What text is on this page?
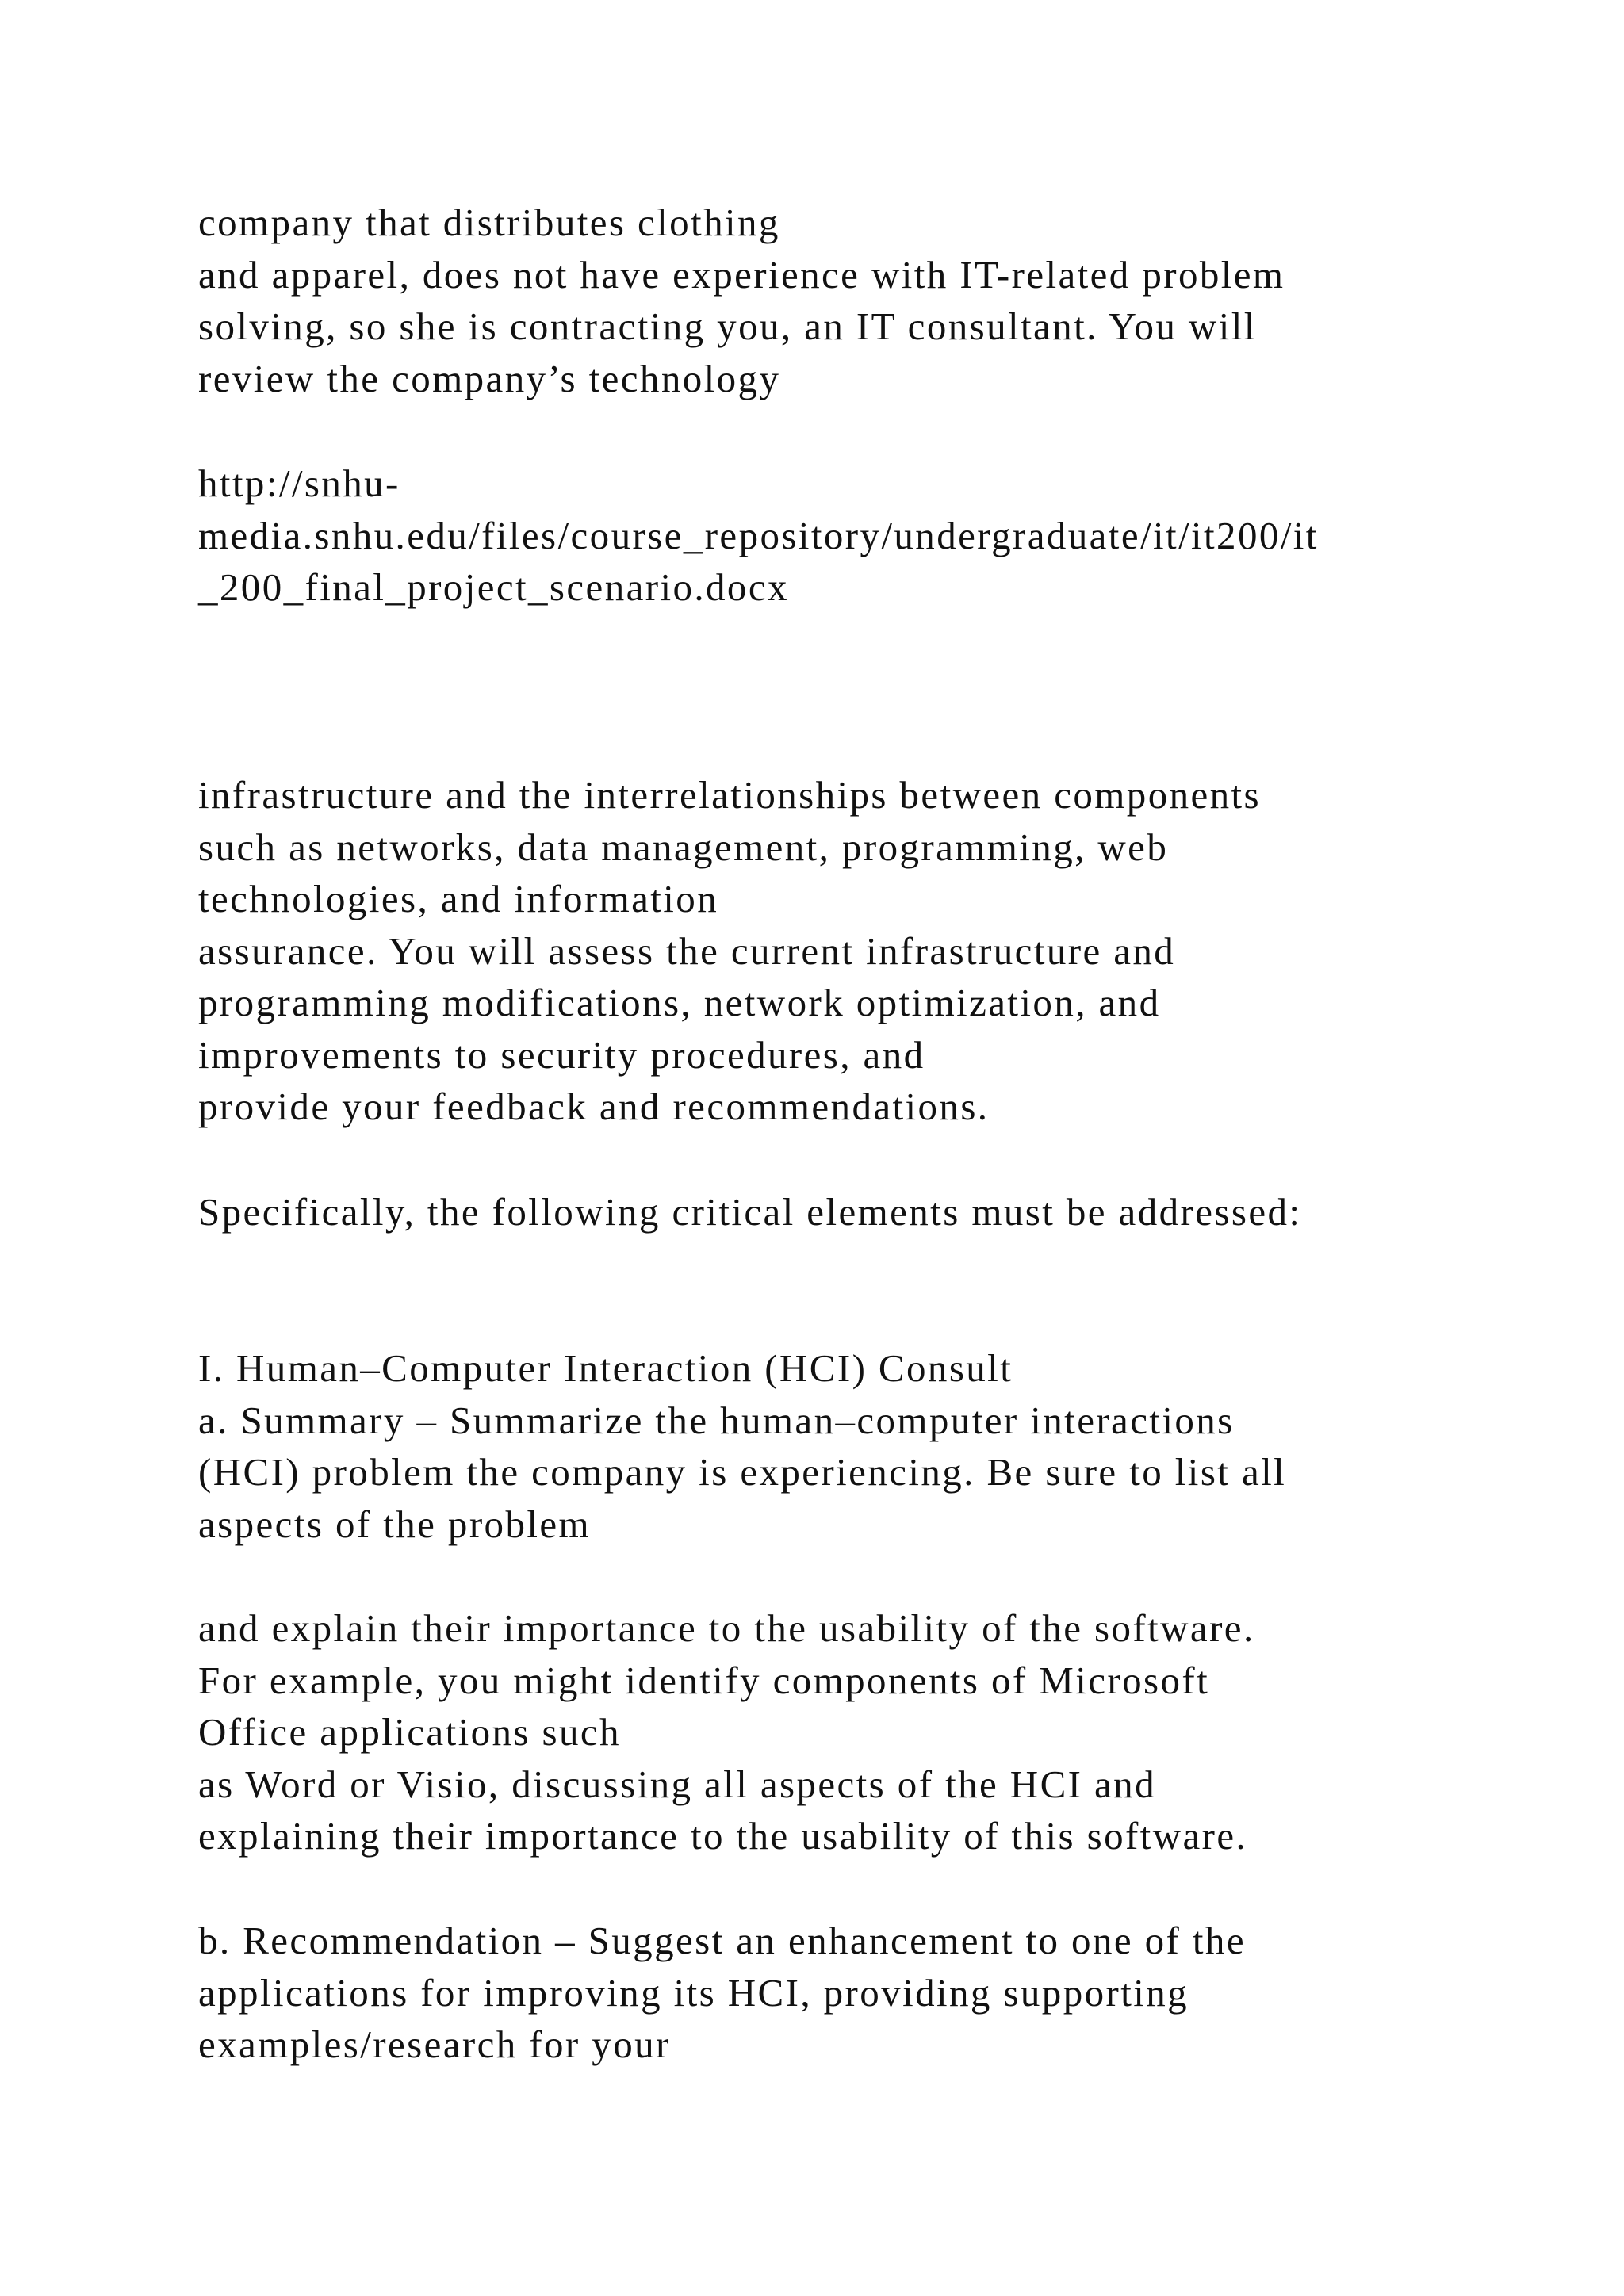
company that distributes clothing
and apparel, does not have experience with IT-related problem
solving, so she is contracting you, an IT consultant. You will
review the company’s technology
http://snhu-
media.snhu.edu/files/course_repository/undergraduate/it/it200/it
_200_final_project_scenario.docx
infrastructure and the interrelationships between components
such as networks, data management, programming, web
technologies, and information
assurance. You will assess the current infrastructure and
programming modifications, network optimization, and
improvements to security procedures, and
provide your feedback and recommendations.
Specifically, the following critical elements must be addressed:
I. Human–Computer Interaction (HCI) Consult
a. Summary – Summarize the human–computer interactions
(HCI) problem the company is experiencing. Be sure to list all
aspects of the problem
and explain their importance to the usability of the software.
For example, you might identify components of Microsoft
Office applications such
as Word or Visio, discussing all aspects of the HCI and
explaining their importance to the usability of this software.
b. Recommendation – Suggest an enhancement to one of the
applications for improving its HCI, providing supporting
examples/research for your
